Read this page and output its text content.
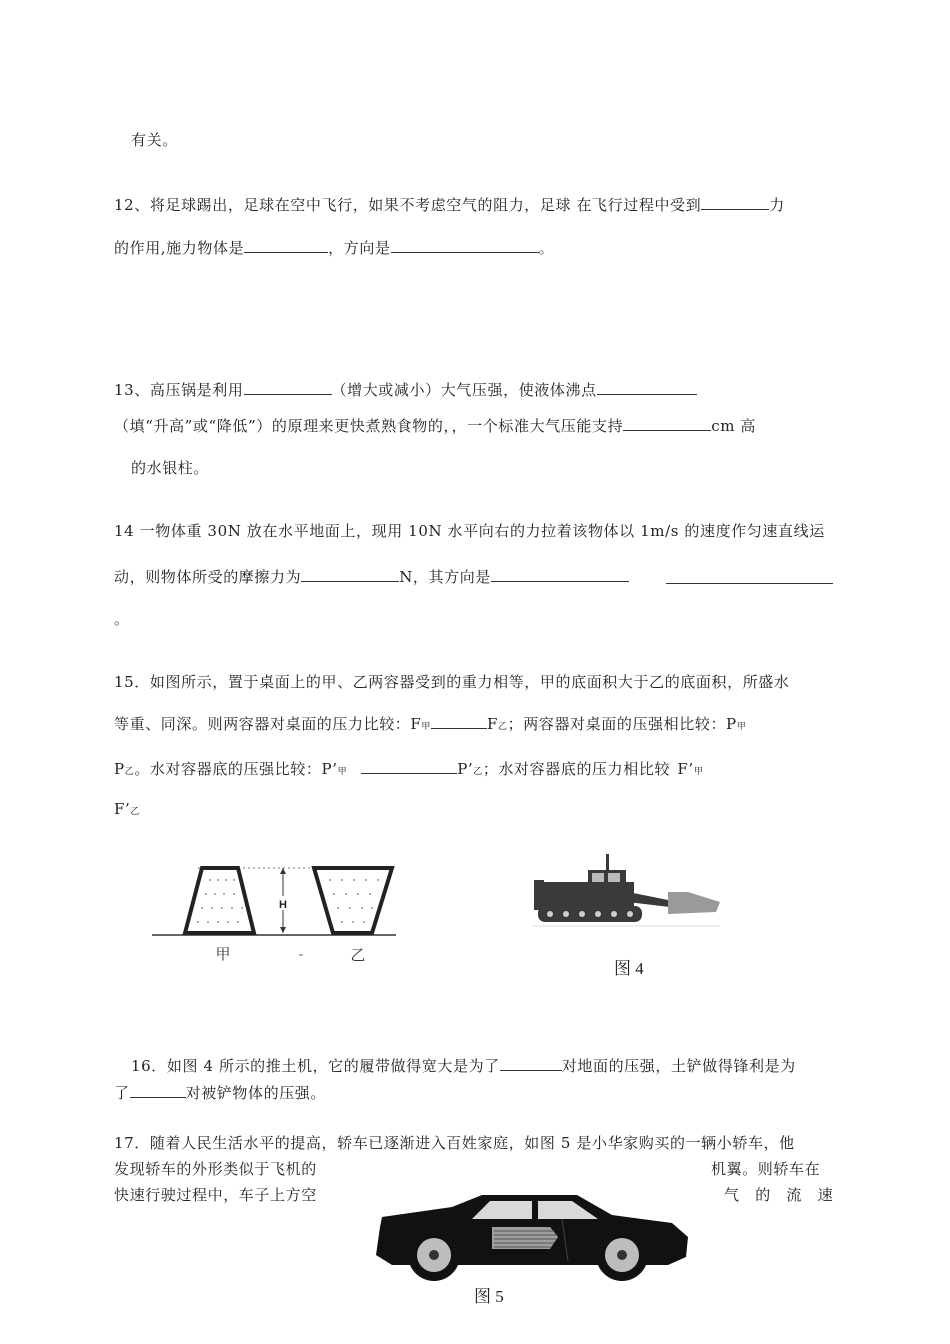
有关。
12、将足球踢出，足球在空中飞行，如果不考虑空气的阻力，足球 在飞行过程中受到	力
的作用,施力物体是	，方向是	。
13、高压锅是利用	（增大或减小）大气压强，使液体沸点
（填“升高”或“降低”）的原理来更快煮熟食物的，，一个标准大气压能支持	cm 高
的水银柱。
14 一物体重 30N 放在水平地面上，现用 10N 水平向右的力拉着该物体以 1m/s 的速度作匀速直线运
动，则物体所受的摩擦力为	N，其方向是
。
15．如图所示，置于桌面上的甲、乙两容器受到的重力相等，甲的底面积大于乙的底面积，所盛水
等重、同深。则两容器对桌面的压力比较：F甲	F乙；两容器对桌面的压强相比较：P甲
P乙。水对容器底的压强比较：P’甲	P’乙；水对容器底的压力相比较 F’甲
F’乙
H
甲	乙
图 4
16．如图 4 所示的推土机，它的履带做得宽大是为了	对地面的压强，土铲做得锋利是为
了	对被铲物体的压强。
17．随着人民生活水平的提高，轿车已逐渐进入百姓家庭，如图 5 是小华家购买的一辆小轿车，他
发现轿车的外形类似于飞机的	机翼。则轿车在
快速行驶过程中，车子上方空	气　的　流　速
图 5
